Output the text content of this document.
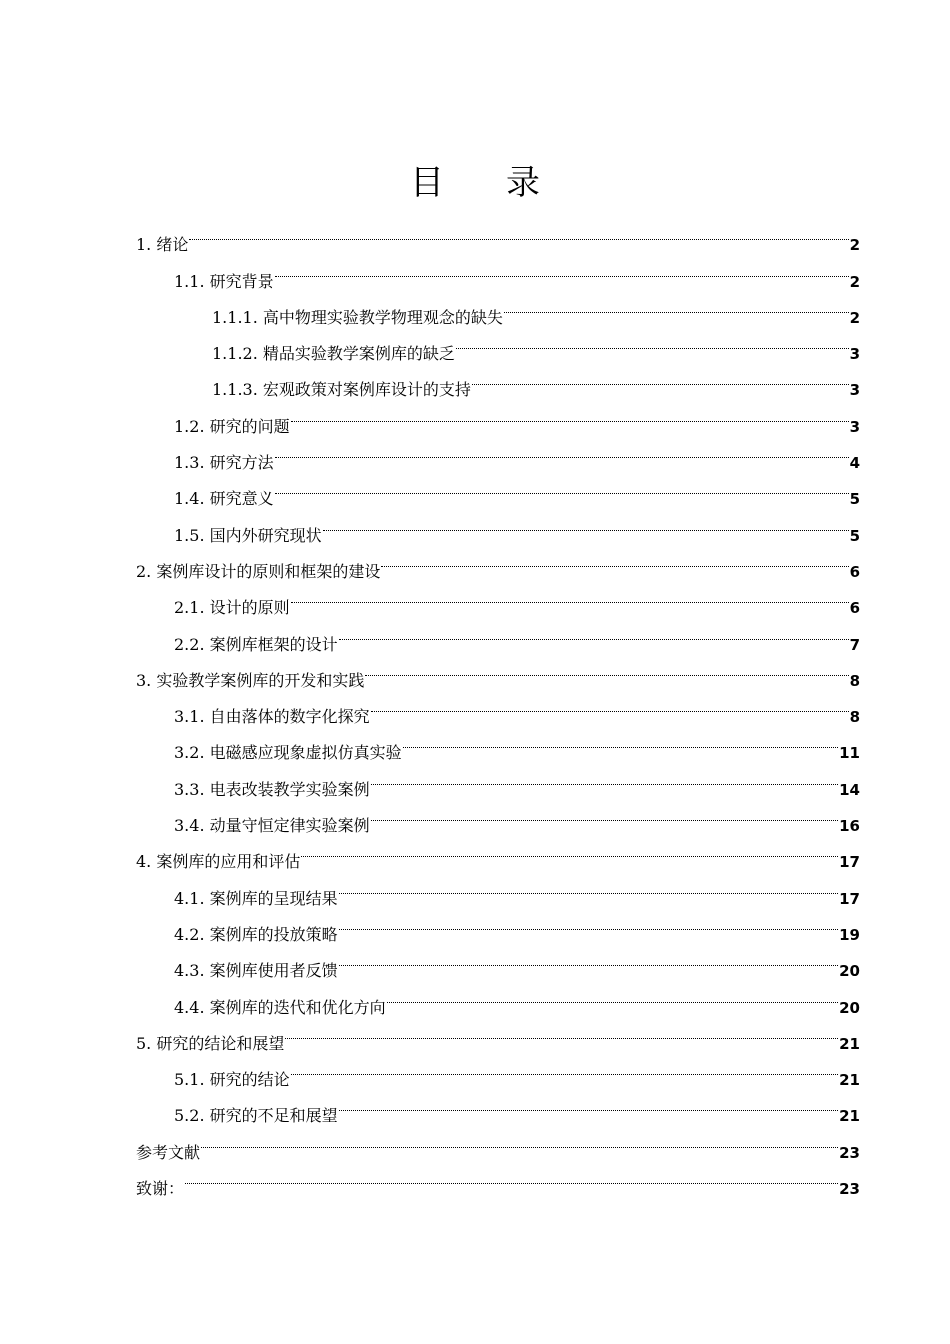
目录
1. 绪论	2
1.1. 研究背景	2
1.1.1. 高中物理实验教学物理观念的缺失	2
1.1.2. 精品实验教学案例库的缺乏	3
1.1.3. 宏观政策对案例库设计的支持	3
1.2. 研究的问题	3
1.3. 研究方法	4
1.4. 研究意义	5
1.5. 国内外研究现状	5
2. 案例库设计的原则和框架的建设	6
2.1. 设计的原则	6
2.2. 案例库框架的设计	7
3. 实验教学案例库的开发和实践	8
3.1. 自由落体的数字化探究	8
3.2. 电磁感应现象虚拟仿真实验	11
3.3. 电表改装教学实验案例	14
3.4. 动量守恒定律实验案例	16
4. 案例库的应用和评估	17
4.1. 案例库的呈现结果	17
4.2. 案例库的投放策略	19
4.3. 案例库使用者反馈	20
4.4. 案例库的迭代和优化方向	20
5. 研究的结论和展望	21
5.1. 研究的结论	21
5.2. 研究的不足和展望	21
参考文献	23
致谢：	23
